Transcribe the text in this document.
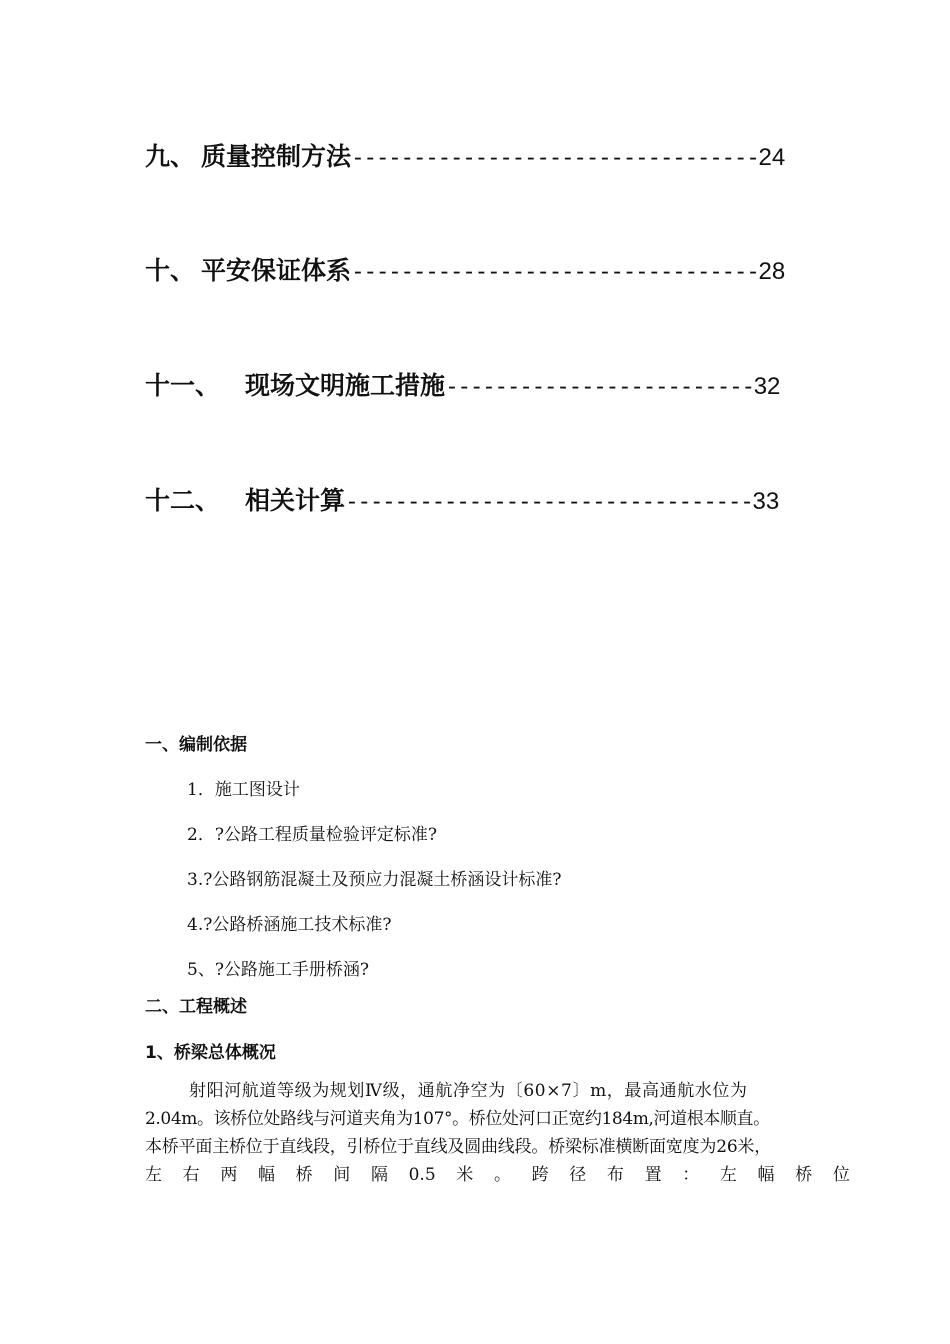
九、 质量控制方法---------------------------------24
十、 平安保证体系---------------------------------28
十一、 现场文明施工措施-------------------------32
十二、 相关计算---------------------------------33
一、编制依据
1．施工图设计
2．?公路工程质量检验评定标准?
3.?公路钢筋混凝土及预应力混凝土桥涵设计标准?
4.?公路桥涵施工技术标准?
5、?公路施工手册桥涵?
二、工程概述
1、桥梁总体概况

射阳河航道等级为规划Ⅳ级，通航净空为〔60×7〕m，最高通航水位为

2.04m。该桥位处路线与河道夹角为107°。桥位处河口正宽约184m,河道根本顺直。

本桥平面主桥位于直线段，引桥位于直线及圆曲线段。桥梁标准横断面宽度为26米，

左 右 两 幅 桥 间 隔 0.5 米 。 跨 径 布 置 ： 左 幅 桥 位
